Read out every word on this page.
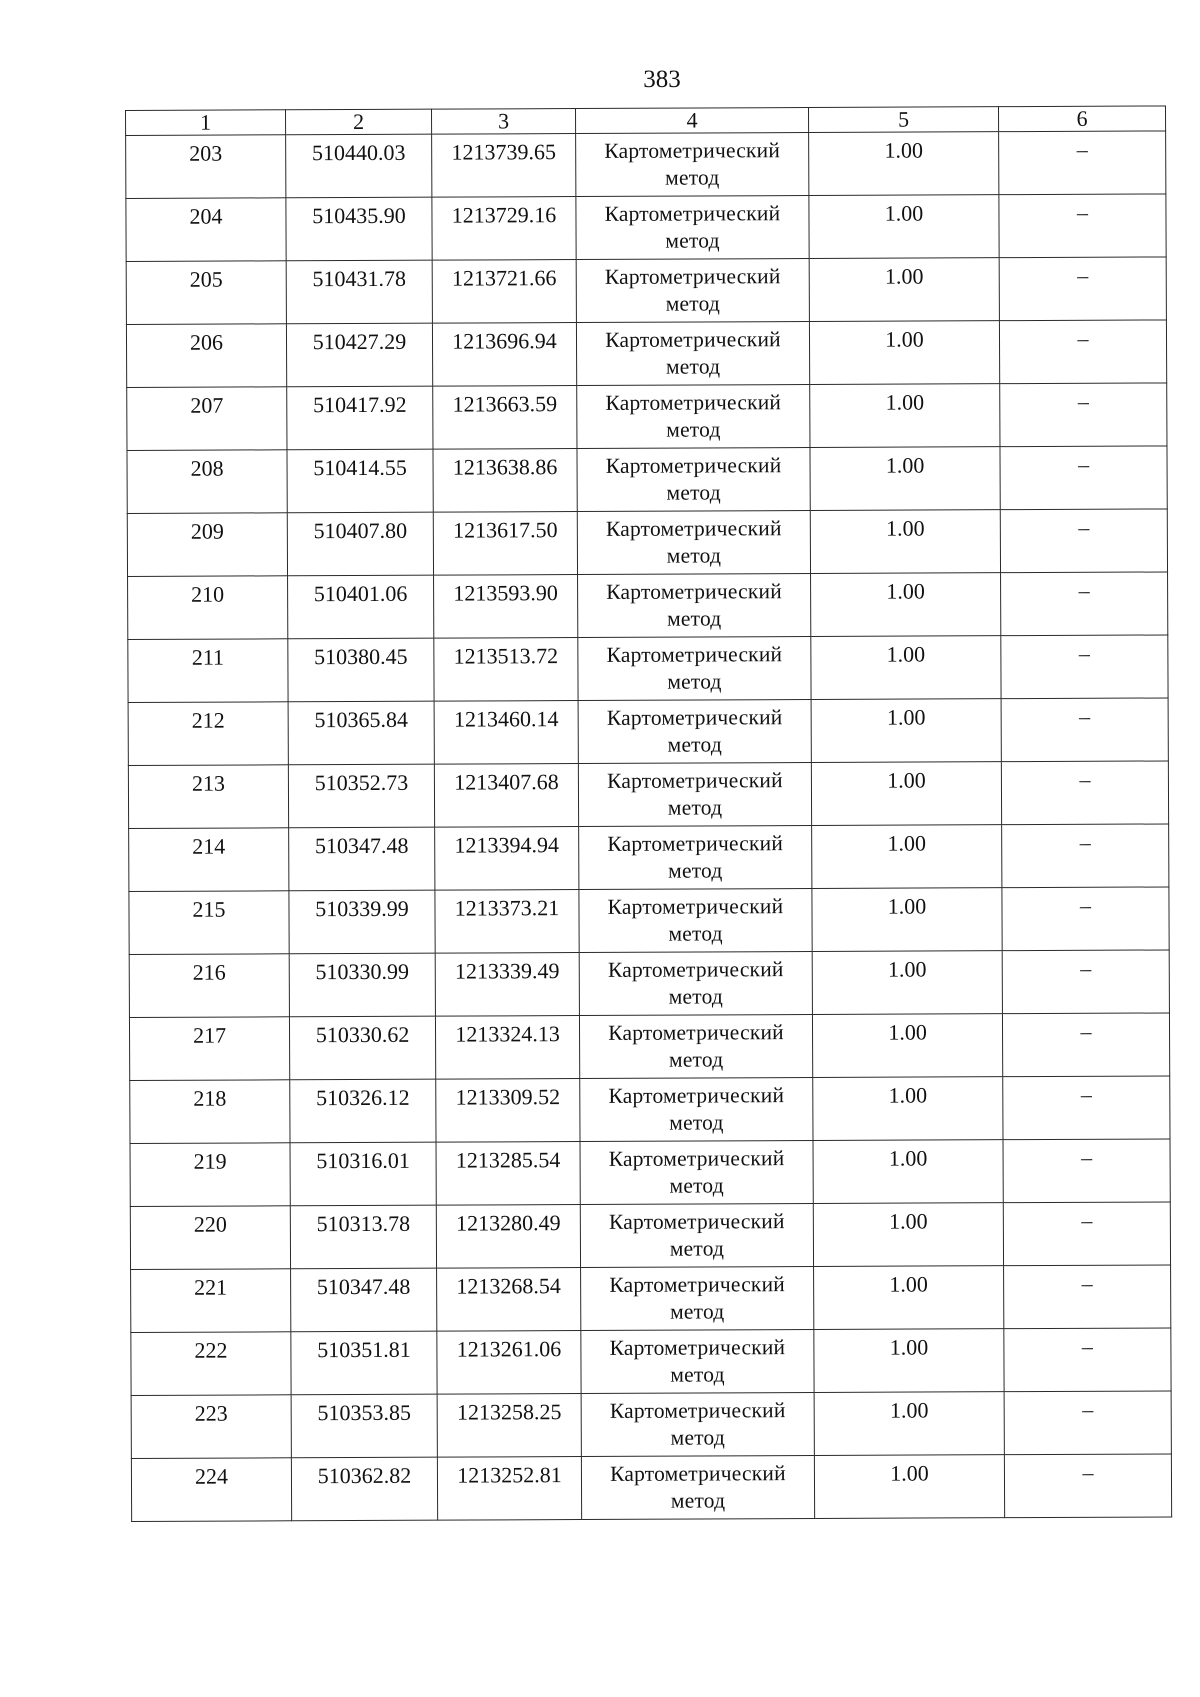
383
1	2	3	4	5	6
203	510440.03	1213739.65	Картометрический метод	1.00	–
204	510435.90	1213729.16	Картометрический метод	1.00	–
205	510431.78	1213721.66	Картометрический метод	1.00	–
206	510427.29	1213696.94	Картометрический метод	1.00	–
207	510417.92	1213663.59	Картометрический метод	1.00	–
208	510414.55	1213638.86	Картометрический метод	1.00	–
209	510407.80	1213617.50	Картометрический метод	1.00	–
210	510401.06	1213593.90	Картометрический метод	1.00	–
211	510380.45	1213513.72	Картометрический метод	1.00	–
212	510365.84	1213460.14	Картометрический метод	1.00	–
213	510352.73	1213407.68	Картометрический метод	1.00	–
214	510347.48	1213394.94	Картометрический метод	1.00	–
215	510339.99	1213373.21	Картометрический метод	1.00	–
216	510330.99	1213339.49	Картометрический метод	1.00	–
217	510330.62	1213324.13	Картометрический метод	1.00	–
218	510326.12	1213309.52	Картометрический метод	1.00	–
219	510316.01	1213285.54	Картометрический метод	1.00	–
220	510313.78	1213280.49	Картометрический метод	1.00	–
221	510347.48	1213268.54	Картометрический метод	1.00	–
222	510351.81	1213261.06	Картометрический метод	1.00	–
223	510353.85	1213258.25	Картометрический метод	1.00	–
224	510362.82	1213252.81	Картометрический метод	1.00	–
